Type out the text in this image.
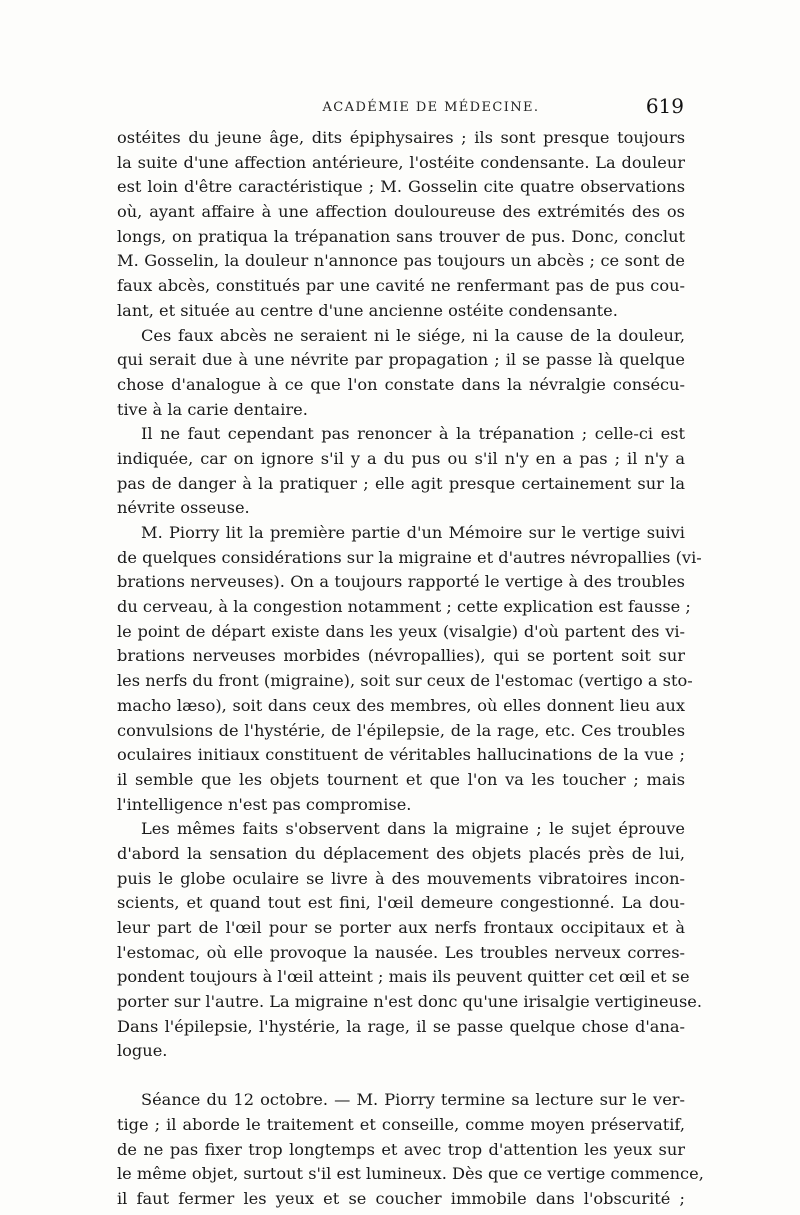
ACADÉMIE DE MÉDECINE.	619
ostéites du jeune âge, dits épiphysaires ; ils sont presque toujours
la suite d'une affection antérieure, l'ostéite condensante. La douleur
est loin d'être caractéristique ; M. Gosselin cite quatre observations
où, ayant affaire à une affection douloureuse des extrémités des os
longs, on pratiqua la trépanation sans trouver de pus. Donc, conclut
M. Gosselin, la douleur n'annonce pas toujours un abcès ; ce sont de
faux abcès, constitués par une cavité ne renfermant pas de pus cou-
lant, et située au centre d'une ancienne ostéite condensante.
Ces faux abcès ne seraient ni le siége, ni la cause de la douleur,
qui serait due à une névrite par propagation ; il se passe là quelque
chose d'analogue à ce que l'on constate dans la névralgie consécu-
tive à la carie dentaire.
Il ne faut cependant pas renoncer à la trépanation ; celle-ci est
indiquée, car on ignore s'il y a du pus ou s'il n'y en a pas ; il n'y a
pas de danger à la pratiquer ; elle agit presque certainement sur la
névrite osseuse.
M. Piorry lit la première partie d'un Mémoire sur le vertige suivi
de quelques considérations sur la migraine et d'autres névropallies (vi-
brations nerveuses). On a toujours rapporté le vertige à des troubles
du cerveau, à la congestion notamment ; cette explication est fausse ;
le point de départ existe dans les yeux (visalgie) d'où partent des vi-
brations nerveuses morbides (névropallies), qui se portent soit sur
les nerfs du front (migraine), soit sur ceux de l'estomac (vertigo a sto-
macho læso), soit dans ceux des membres, où elles donnent lieu aux
convulsions de l'hystérie, de l'épilepsie, de la rage, etc. Ces troubles
oculaires initiaux constituent de véritables hallucinations de la vue ;
il semble que les objets tournent et que l'on va les toucher ; mais
l'intelligence n'est pas compromise.
Les mêmes faits s'observent dans la migraine ; le sujet éprouve
d'abord la sensation du déplacement des objets placés près de lui,
puis le globe oculaire se livre à des mouvements vibratoires incon-
scients, et quand tout est fini, l'œil demeure congestionné. La dou-
leur part de l'œil pour se porter aux nerfs frontaux occipitaux et à
l'estomac, où elle provoque la nausée. Les troubles nerveux corres-
pondent toujours à l'œil atteint ; mais ils peuvent quitter cet œil et se
porter sur l'autre. La migraine n'est donc qu'une irisalgie vertigineuse.
Dans l'épilepsie, l'hystérie, la rage, il se passe quelque chose d'ana-
logue.
Séance du 12 octobre. — M. Piorry termine sa lecture sur le ver-
tige ; il aborde le traitement et conseille, comme moyen préservatif,
de ne pas fixer trop longtemps et avec trop d'attention les yeux sur
le même objet, surtout s'il est lumineux. Dès que ce vertige commence,
il faut fermer les yeux et se coucher immobile dans l'obscurité ;
